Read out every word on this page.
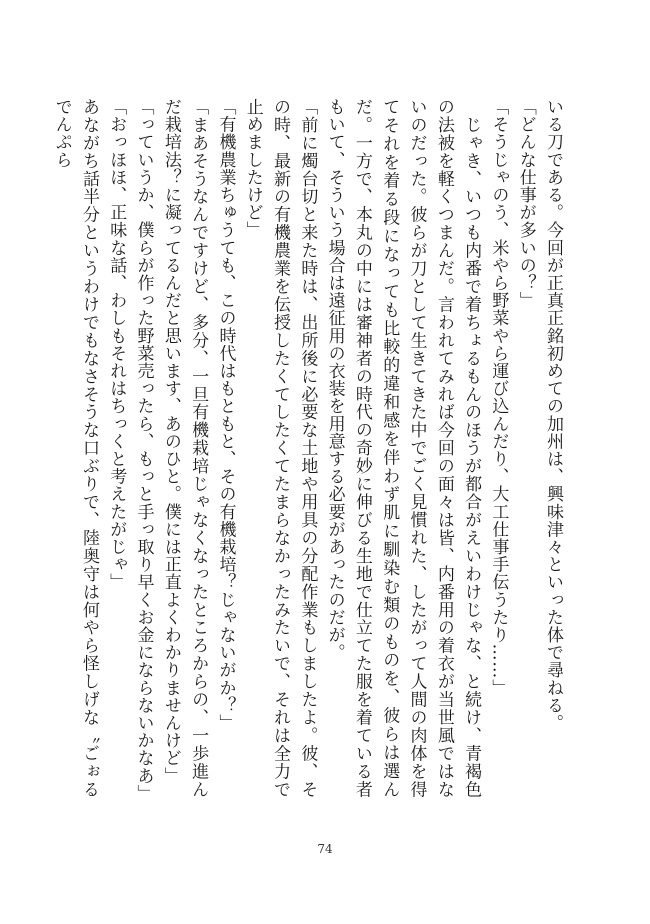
いる刀である。今回が正真正銘初めての加州は、興味津々といった体で尋ねる。

「どんな仕事が多いの？」

「そうじゃのう、米やら野菜やら運び込んだり、大工仕事手伝うたり……」

　じゃき、いつも内番で着ちょるもんのほうが都合がえいわけじゃな、と続け、青褐色の法被を軽くつまんだ。言われてみれば今回の面々は皆、内番用の着衣が当世風ではないのだった。彼らが刀として生きてきた中でごく見慣れた、したがって人間の肉体を得てそれを着る段になっても比較的違和感を伴わず肌に馴染む類のものを、彼らは選んだ。一方で、本丸の中には審神者の時代の奇妙に伸びる生地で仕立てた服を着ている者もいて、そういう場合は遠征用の衣装を用意する必要があったのだが。

「前に燭台切と来た時は、出所後に必要な土地や用具の分配作業もしましたよ。彼、その時、最新の有機農業を伝授したくてしたくてたまらなかったみたいで、それは全力で止めましたけど」

「有機農業ちゅうても、この時代はもともと、その有機栽培？じゃないがか？」

「まあそうなんですけど、多分、一旦有機栽培じゃなくなったところからの、一歩進んだ栽培法？に凝ってるんだと思います、あのひと。僕には正直よくわかりませんけど」

「っていうか、僕らが作った野菜売ったら、もっと手っ取り早くお金にならないかなあ」

「おっほほ、正味な話、わしもそれはちっくと考えたがじゃ」

あながち話半分というわけでもなさそうな口ぶりで、陸奥守は何やら怪しげな〝ごぉるでんぷら

74
